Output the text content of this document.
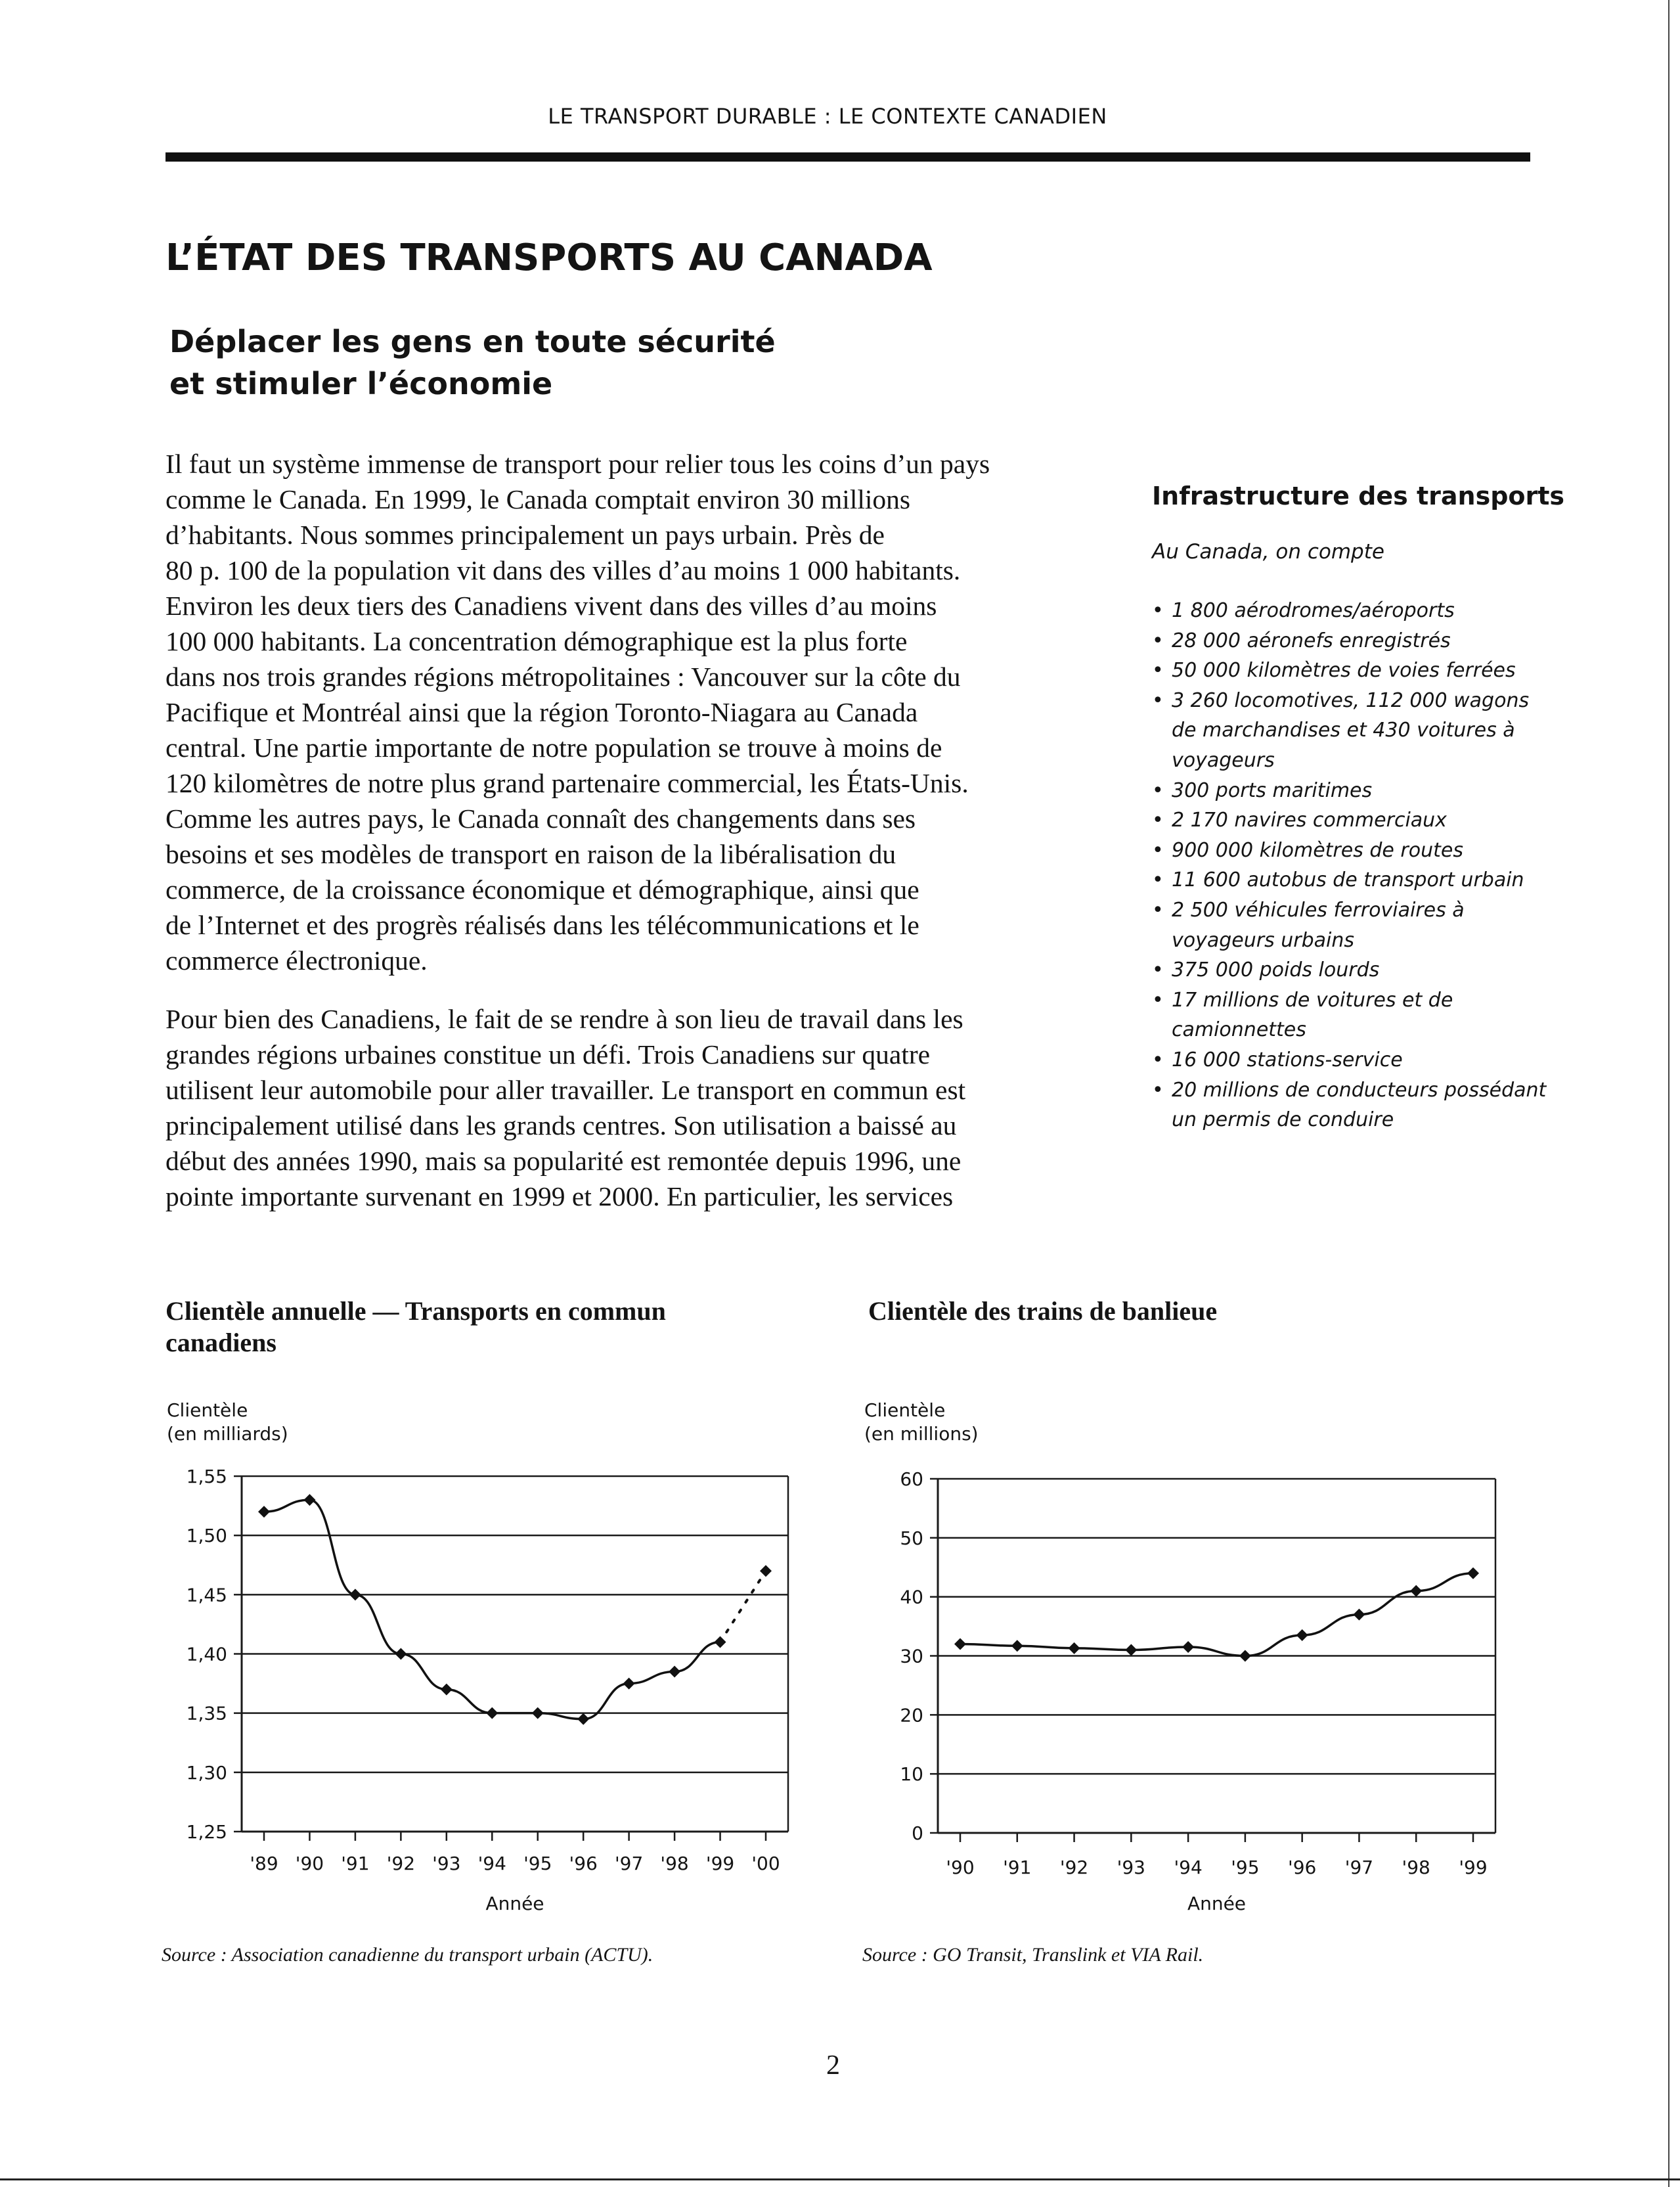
LE TRANSPORT DURABLE : LE CONTEXTE CANADIEN
L’ÉTAT DES TRANSPORTS AU CANADA
Déplacer les gens en toute sécurité
et stimuler l’économie
Il faut un système immense de transport pour relier tous les coins d’un pays
comme le Canada. En 1999, le Canada comptait environ 30 millions
d’habitants. Nous sommes principalement un pays urbain. Près de
80 p. 100 de la population vit dans des villes d’au moins 1 000 habitants.
Environ les deux tiers des Canadiens vivent dans des villes d’au moins
100 000 habitants. La concentration démographique est la plus forte
dans nos trois grandes régions métropolitaines : Vancouver sur la côte du
Pacifique et Montréal ainsi que la région Toronto-Niagara au Canada
central. Une partie importante de notre population se trouve à moins de
120 kilomètres de notre plus grand partenaire commercial, les États-Unis.
Comme les autres pays, le Canada connaît des changements dans ses
besoins et ses modèles de transport en raison de la libéralisation du
commerce, de la croissance économique et démographique, ainsi que
de l’Internet et des progrès réalisés dans les télécommunications et le
commerce électronique.
Pour bien des Canadiens, le fait de se rendre à son lieu de travail dans les
grandes régions urbaines constitue un défi. Trois Canadiens sur quatre
utilisent leur automobile pour aller travailler. Le transport en commun est
principalement utilisé dans les grands centres. Son utilisation a baissé au
début des années 1990, mais sa popularité est remontée depuis 1996, une
pointe importante survenant en 1999 et 2000. En particulier, les services
Infrastructure des transports
Au Canada, on compte
• 1 800 aérodromes/aéroports
• 28 000 aéronefs enregistrés
• 50 000 kilomètres de voies ferrées
• 3 260 locomotives, 112 000 wagons
de marchandises et 430 voitures à
voyageurs
• 300 ports maritimes
• 2 170 navires commerciaux
• 900 000 kilomètres de routes
• 11 600 autobus de transport urbain
• 2 500 véhicules ferroviaires à
voyageurs urbains
• 375 000 poids lourds
• 17 millions de voitures et de
camionnettes
• 16 000 stations-service
• 20 millions de conducteurs possédant
un permis de conduire
Clientèle annuelle — Transports en commun
canadiens
Clientèle des trains de banlieue
1,25
1,30
1,35
1,40
1,45
1,50
1,55
'89 '90 '91 '92 '93 '94 '95 '96 '97 '98 '99 '00
Clientèle
(en milliards)
Année
0
10
20
30
40
50
60
'90 '91 '92 '93 '94 '95 '96 '97 '98 '99
Clientèle
(en millions)
Année
Source : Association canadienne du transport urbain (ACTU).	Source : GO Transit, Translink et VIA Rail.
2
